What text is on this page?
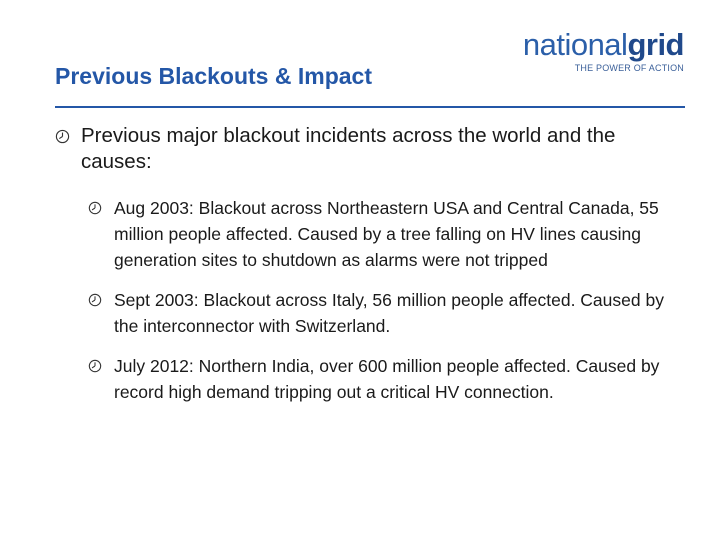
nationalgrid
THE POWER OF ACTION
Previous Blackouts & Impact
Previous major blackout incidents across the world and the causes:
Aug 2003: Blackout across Northeastern USA and Central Canada, 55 million people affected. Caused by a tree falling on HV lines causing generation sites to shutdown as alarms were not tripped
Sept 2003: Blackout across Italy, 56 million people affected. Caused by the interconnector with Switzerland.
July 2012: Northern India, over 600 million people affected. Caused by record high demand tripping out a critical HV connection.
